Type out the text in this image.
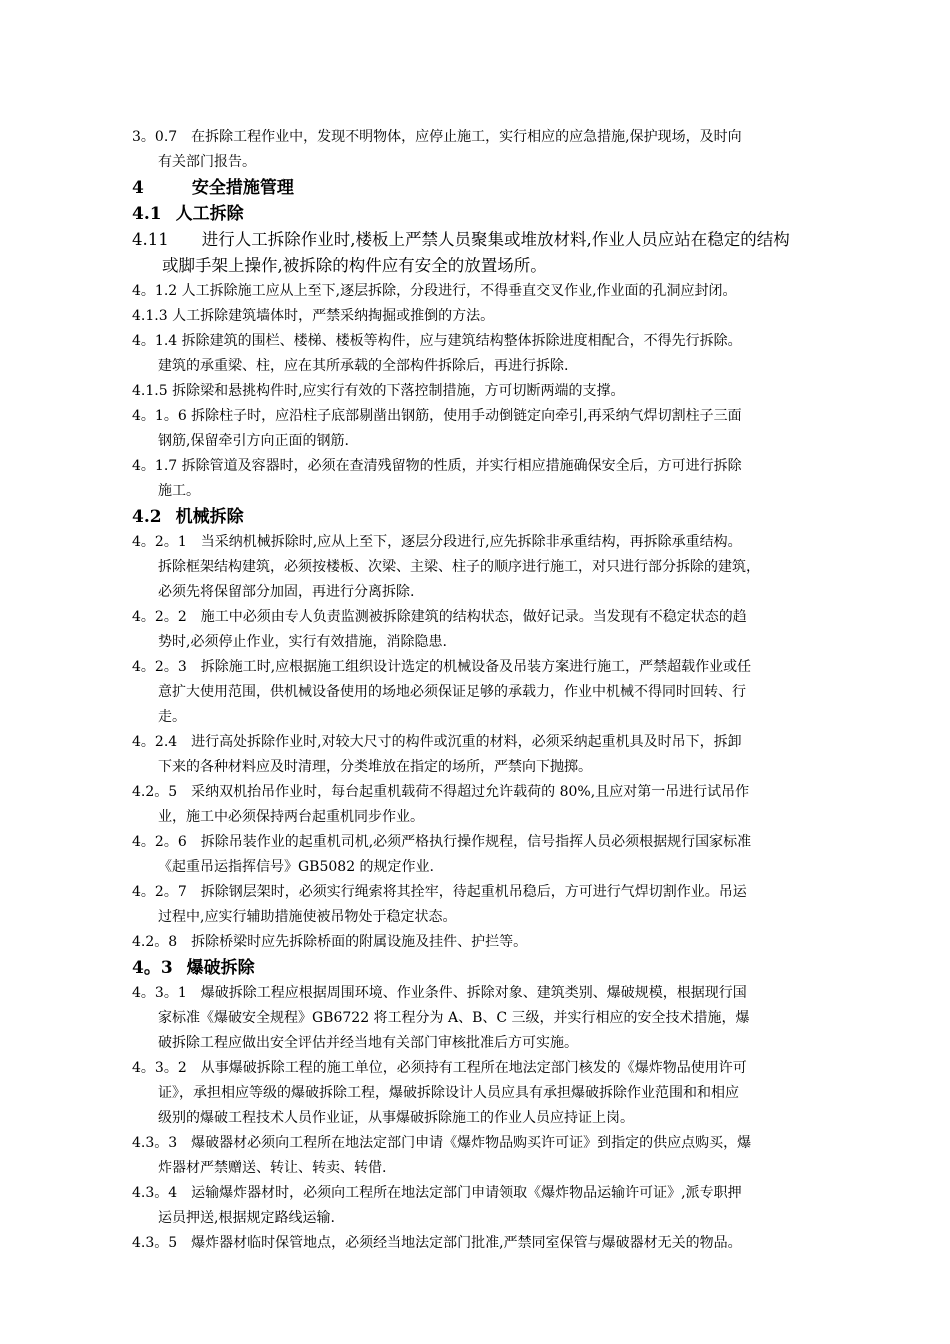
3。0.7　在拆除工程作业中，发现不明物体，应停止施工，实行相应的应急措施,保护现场，及时向
有关部门报告。
4	安全措施管理
4.1 人工拆除
4.11　　进行人工拆除作业时,楼板上严禁人员聚集或堆放材料,作业人员应站在稳定的结构
或脚手架上操作,被拆除的构件应有安全的放置场所。
4。1.2 人工拆除施工应从上至下,逐层拆除，分段进行，不得垂直交叉作业,作业面的孔洞应封闭。
4.1.3 人工拆除建筑墙体时，严禁采纳掏掘或推倒的方法。
4。1.4 拆除建筑的围栏、楼梯、楼板等构件，应与建筑结构整体拆除进度相配合，不得先行拆除。
建筑的承重梁、柱，应在其所承载的全部构件拆除后，再进行拆除.
4.1.5 拆除梁和悬挑构件时,应实行有效的下落控制措施，方可切断两端的支撑。
4。1。6 拆除柱子时，应沿柱子底部剔凿出钢筋，使用手动倒链定向牵引,再采纳气焊切割柱子三面
钢筋,保留牵引方向正面的钢筋.
4。1.7 拆除管道及容器时，必须在查清残留物的性质，并实行相应措施确保安全后，方可进行拆除
施工。
4.2 机械拆除
4。2。1　当采纳机械拆除时,应从上至下，逐层分段进行,应先拆除非承重结构，再拆除承重结构。
拆除框架结构建筑，必须按楼板、次梁、主梁、柱子的顺序进行施工，对只进行部分拆除的建筑，
必须先将保留部分加固，再进行分离拆除.
4。2。2　施工中必须由专人负责监测被拆除建筑的结构状态，做好记录。当发现有不稳定状态的趋
势时,必须停止作业，实行有效措施，消除隐患.
4。2。3　拆除施工时,应根据施工组织设计选定的机械设备及吊装方案进行施工，严禁超载作业或任
意扩大使用范围，供机械设备使用的场地必须保证足够的承载力，作业中机械不得同时回转、行
走。
4。2.4　进行高处拆除作业时,对较大尺寸的构件或沉重的材料，必须采纳起重机具及时吊下，拆卸
下来的各种材料应及时清理，分类堆放在指定的场所，严禁向下抛掷。
4.2。5　采纳双机抬吊作业时，每台起重机载荷不得超过允许载荷的 80%,且应对第一吊进行试吊作
业，施工中必须保持两台起重机同步作业。
4。2。6　拆除吊装作业的起重机司机,必须严格执行操作规程，信号指挥人员必须根据规行国家标准
《起重吊运指挥信号》GB5082 的规定作业.
4。2。7　拆除钢层架时，必须实行绳索将其拴牢，待起重机吊稳后，方可进行气焊切割作业。吊运
过程中,应实行辅助措施使被吊物处于稳定状态。
4.2。8　拆除桥梁时应先拆除桥面的附属设施及挂件、护拦等。
4。3 爆破拆除
4。3。1　爆破拆除工程应根据周围环境、作业条件、拆除对象、建筑类别、爆破规模，根据现行国
家标准《爆破安全规程》GB6722 将工程分为 A、B、C 三级，并实行相应的安全技术措施，爆
破拆除工程应做出安全评估并经当地有关部门审核批准后方可实施。
4。3。2　从事爆破拆除工程的施工单位，必须持有工程所在地法定部门核发的《爆炸物品使用许可
证》，承担相应等级的爆破拆除工程，爆破拆除设计人员应具有承担爆破拆除作业范围和和相应
级别的爆破工程技术人员作业证，从事爆破拆除施工的作业人员应持证上岗。
4.3。3　爆破器材必须向工程所在地法定部门申请《爆炸物品购买许可证》到指定的供应点购买，爆
炸器材严禁赠送、转让、转卖、转借.
4.3。4　运输爆炸器材时，必须向工程所在地法定部门申请领取《爆炸物品运输许可证》,派专职押
运员押送,根据规定路线运输.
4.3。5　爆炸器材临时保管地点，必须经当地法定部门批准,严禁同室保管与爆破器材无关的物品。
